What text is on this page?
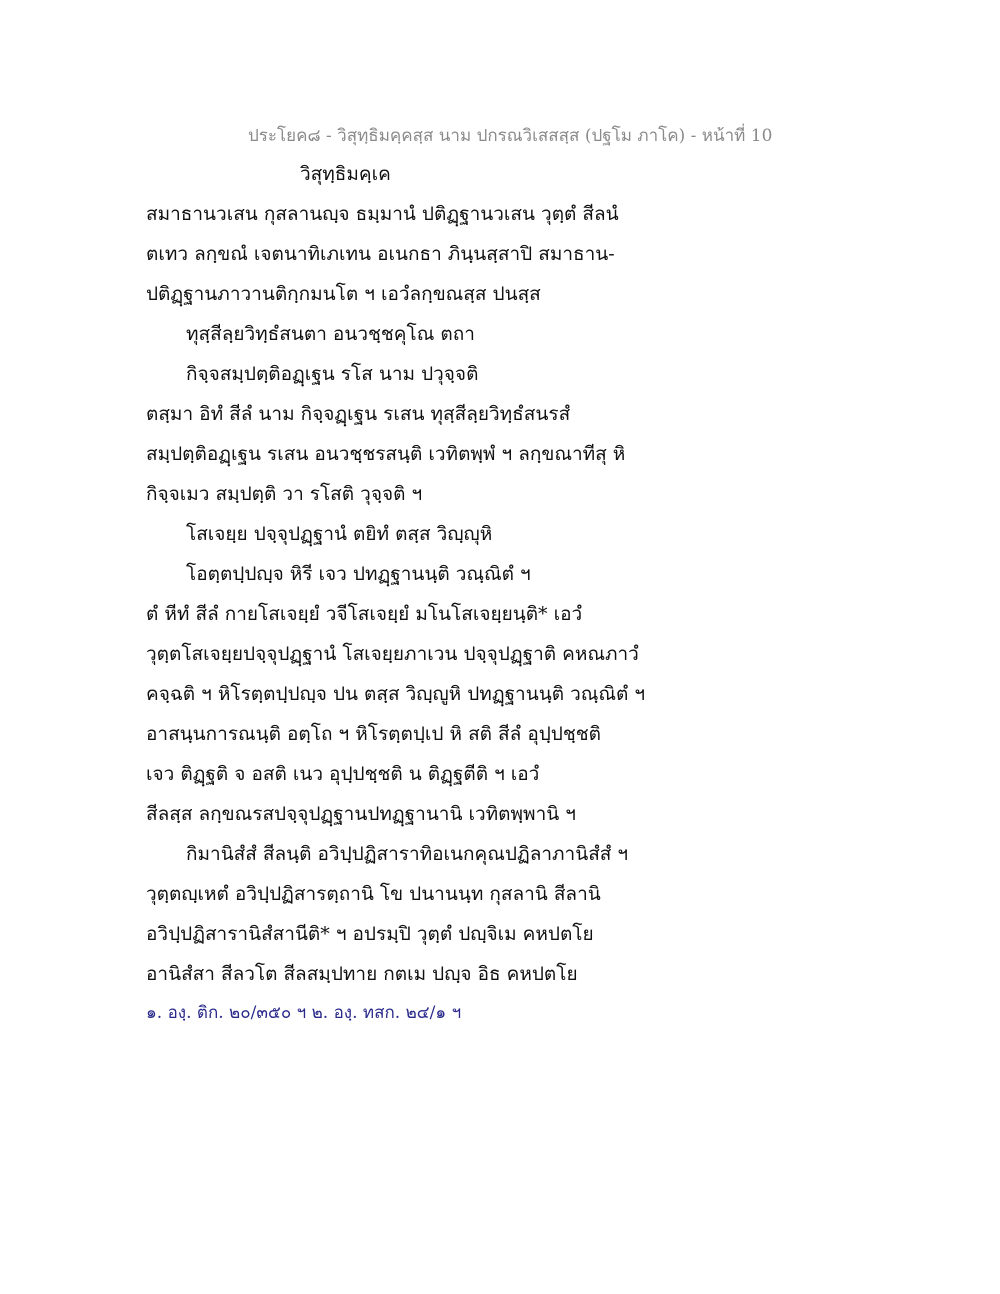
ประโยค๘ - วิสุทฺธิมคฺคสฺส นาม ปกรณวิเสสสฺส (ปฐโม ภาโค) - หน้าที่ 10
วิสุทฺธิมคฺเค
สมาธานวเสน กุสลานญฺจ ธมฺมานํ ปติฏฺฐานวเสน วุตฺตํ สีลนํ
ตเทว ลกฺขณํ เจตนาทิเภเทน อเนกธา ภินฺนสฺสาปิ สมาธาน-
ปติฏฺฐานภาวานติกฺกมนโต ฯ เอวํลกฺขณสฺส ปนสฺส
ทุสฺสีลฺยวิทฺธํสนตา อนวชฺชคุโณ ตถา
กิจฺจสมฺปตฺติอฏฺเฐน รโส นาม ปวุจฺจติ
ตสฺมา อิทํ สีลํ นาม กิจฺจฏฺเฐน รเสน ทุสฺสีลฺยวิทฺธํสนรสํ
สมฺปตฺติอฏฺเฐน รเสน อนวชฺชรสนฺติ เวทิตพฺพํ ฯ ลกฺขณาทีสุ หิ
กิจฺจเมว สมฺปตฺติ วา รโสติ วุจฺจติ ฯ
โสเจยฺย ปจฺจุปฏฺฐานํ ตยิทํ ตสฺส วิญฺญุหิ
โอตฺตปฺปญฺจ หิรี เจว ปทฏฺฐานนฺติ วณฺณิตํ ฯ
ตํ หีทํ สีลํ กายโสเจยฺยํ วจีโสเจยฺยํ มโนโสเจยฺยนฺติ* เอวํ
วุตฺตโสเจยฺยปจฺจุปฏฺฐานํ โสเจยฺยภาเวน ปจฺจุปฏฺฐาติ คหณภาวํ
คจฺฉติ ฯ หิโรตฺตปฺปญฺจ ปน ตสฺส วิญฺญูหิ ปทฏฺฐานนฺติ วณฺณิตํ ฯ
อาสนฺนการณนฺติ อตฺโถ ฯ หิโรตฺตปฺเป หิ สติ สีลํ อุปฺปชฺชติ
เจว ติฏฺฐติ จ อสติ เนว อุปฺปชฺชติ น ติฏฺฐตีติ ฯ เอวํ
สีลสฺส ลกฺขณรสปจฺจุปฏฺฐานปทฏฺฐานานิ เวทิตพฺพานิ ฯ
กิมานิสํสํ สีลนฺติ อวิปฺปฏิสาราทิอเนกคุณปฏิลาภานิสํสํ ฯ
วุตฺตญฺเหตํ อวิปฺปฏิสารตฺถานิ โข ปนานนฺท กุสลานิ สีลานิ
อวิปฺปฏิสารานิสํสานีติ* ฯ อปรมฺปิ วุตฺตํ ปญฺจิเม คหปตโย
อานิสํสา สีลวโต สีลสมฺปทาย กตเม ปญฺจ อิธ คหปตโย
๑. องฺ. ติก. ๒๐/๓๕๐ ฯ ๒. องฺ. ทสก. ๒๔/๑ ฯ
